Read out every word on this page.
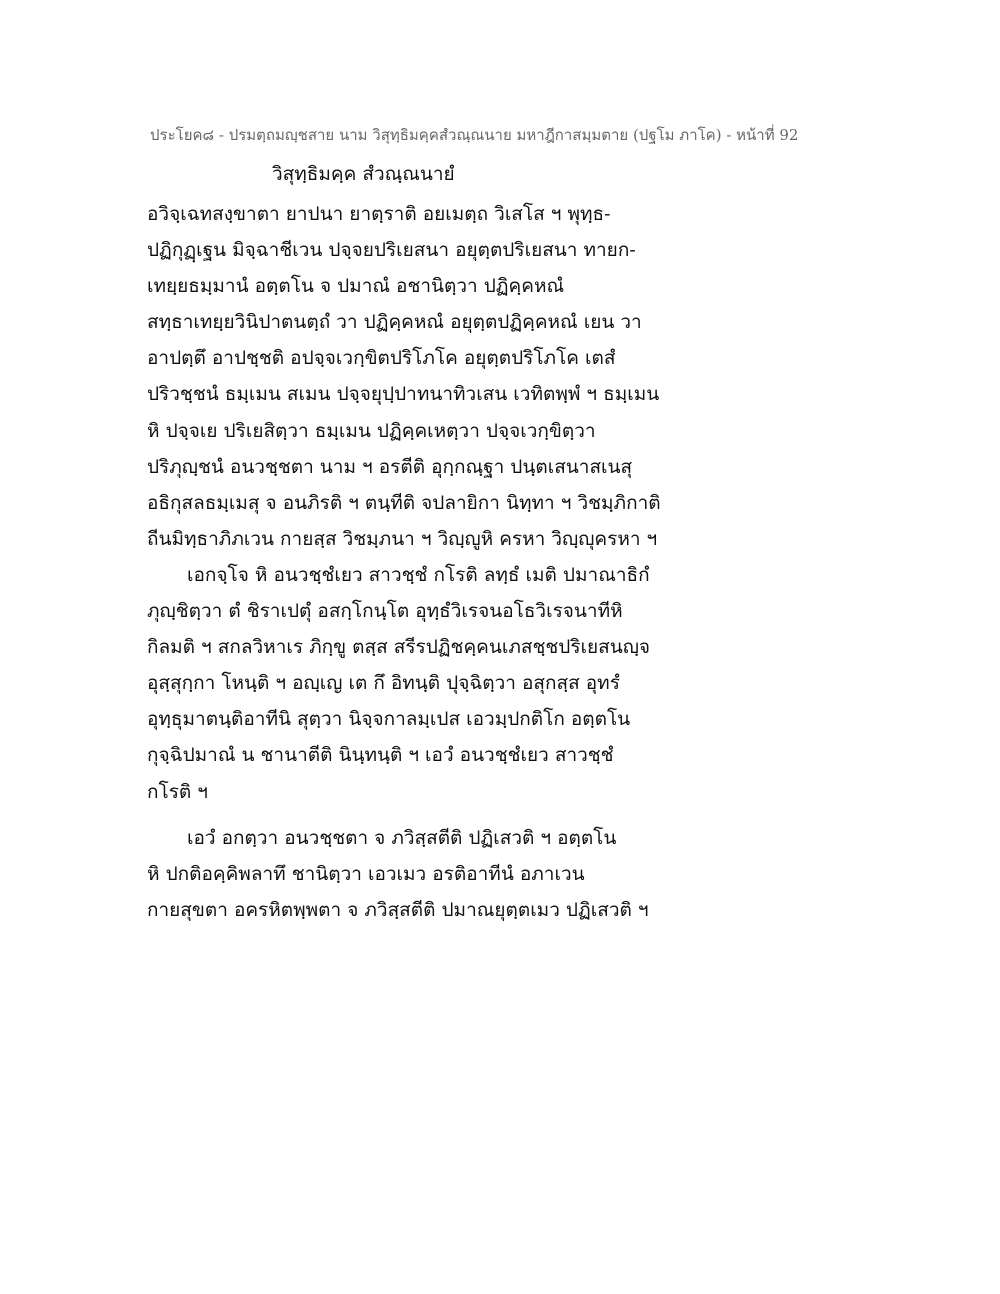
ประโยค๘ - ปรมตฺถมญฺชสาย นาม วิสุทฺธิมคฺคสํวณฺณนาย มหาฎีกาสมฺมตาย (ปฐโม ภาโค) - หน้าที่ 92
วิสุทฺธิมคฺค สํวณฺณนายํ
อวิจฺเฉทสงฺขาตา ยาปนา ยาตฺราติ อยเมตฺถ วิเสโส ฯ พุทฺธ-
ปฏิกุฏฺเฐน มิจฺฉาชีเวน ปจฺจยปริเยสนา อยุตฺตปริเยสนา ทายก-
เทยฺยธมฺมานํ อตฺตโน จ ปมาณํ อชานิตฺวา ปฏิคฺคหณํ
สทฺธาเทยฺยวินิปาตนตฺถํ วา ปฏิคฺคหณํ อยุตฺตปฏิคฺคหณํ เยน วา
อาปตฺตึ อาปชฺชติ อปจฺจเวกฺขิตปริโภโค อยุตฺตปริโภโค เตสํ
ปริวชฺชนํ ธมฺเมน สเมน ปจฺจยุปฺปาทนาทิวเสน เวทิตพฺพํ ฯ ธมฺเมน
หิ ปจฺจเย ปริเยสิตฺวา ธมฺเมน ปฏิคฺคเหตฺวา ปจฺจเวกฺขิตฺวา
ปริภุญฺชนํ อนวชฺชตา นาม ฯ อรตีติ อุกฺกณฺฐา ปนฺตเสนาสเนสุ
อธิกุสลธมฺเมสุ จ อนภิรติ ฯ ตนฺทีติ จปลายิกา นิทฺทา ฯ วิชมฺภิกาติ
ถีนมิทฺธาภิภเวน กายสฺส วิชมฺภนา ฯ วิญฺญูหิ ครหา วิญฺญุครหา ฯ
เอกจฺโจ หิ อนวชฺชํเยว สาวชฺชํ กโรติ ลทฺธํ เมติ ปมาณาธิกํ
ภุญฺชิตฺวา ตํ ชิราเปตุํ อสกฺโกนฺโต อุทฺธํวิเรจนอโธวิเรจนาทีหิ
กิลมติ ฯ สกลวิหาเร ภิกฺขู ตสฺส สรีรปฏิชคฺคนเภสชฺชปริเยสนญฺจ
อุสฺสุกฺกา โหนฺติ ฯ อญฺเญ เต กึ อิทนฺติ ปุจฺฉิตฺวา อสุกสฺส อุทรํ
อุทฺธุมาตนฺติอาทีนิ สุตฺวา นิจฺจกาลมฺเปส เอวมฺปกติโก อตฺตโน
กุจฺฉิปมาณํ น ชานาตีติ นินฺทนฺติ ฯ เอวํ อนวชฺชํเยว สาวชฺชํ
กโรติ ฯ
เอวํ อกตฺวา อนวชฺชตา จ ภวิสฺสตีติ ปฏิเสวติ ฯ อตฺตโน
หิ ปกติอคฺคิพลาทึ ชานิตฺวา เอวเมว อรติอาทีนํ อภาเวน
กายสุขตา อครหิตพฺพตา จ ภวิสฺสตีติ ปมาณยุตฺตเมว ปฏิเสวติ ฯ
